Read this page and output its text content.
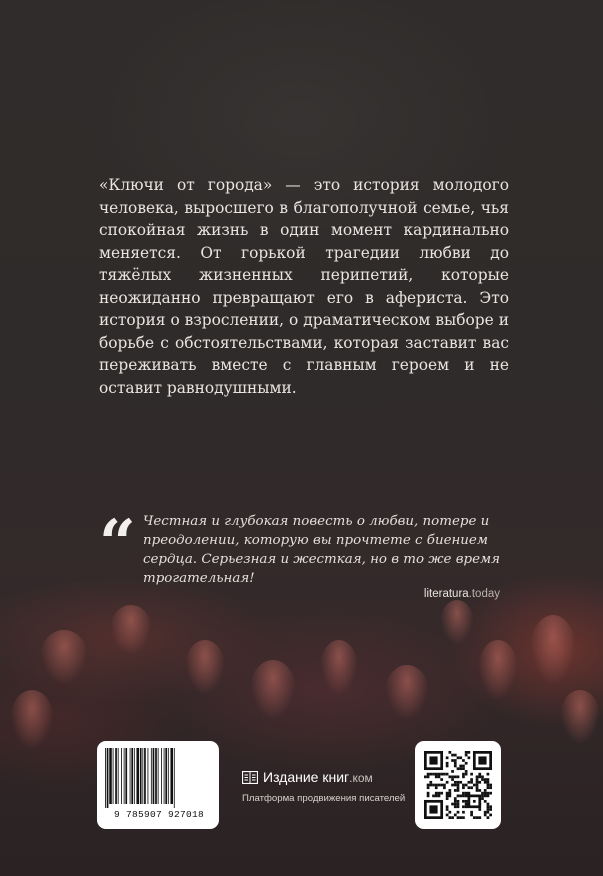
«Ключи от города» — это история молодого человека, выросшего в благополучной семье, чья спокойная жизнь в один момент кардинально меняется. От горькой трагедии любви до тяжёлых жизненных перипетий, которые неожиданно превращают его в афериста. Это история о взрослении, о драматическом выборе и борьбе с обстоятельствами, которая заставит вас переживать вместе с главным героем и не оставит равнодушными.

“ Честная и глубокая повесть о любви, потере и преодолении, которую вы прочтете с биением сердца. Серьезная и жесткая, но в то же время трогательная!

literatura.today
9 785907 927018
Издание книг.ком
Платформа продвижения писателей
